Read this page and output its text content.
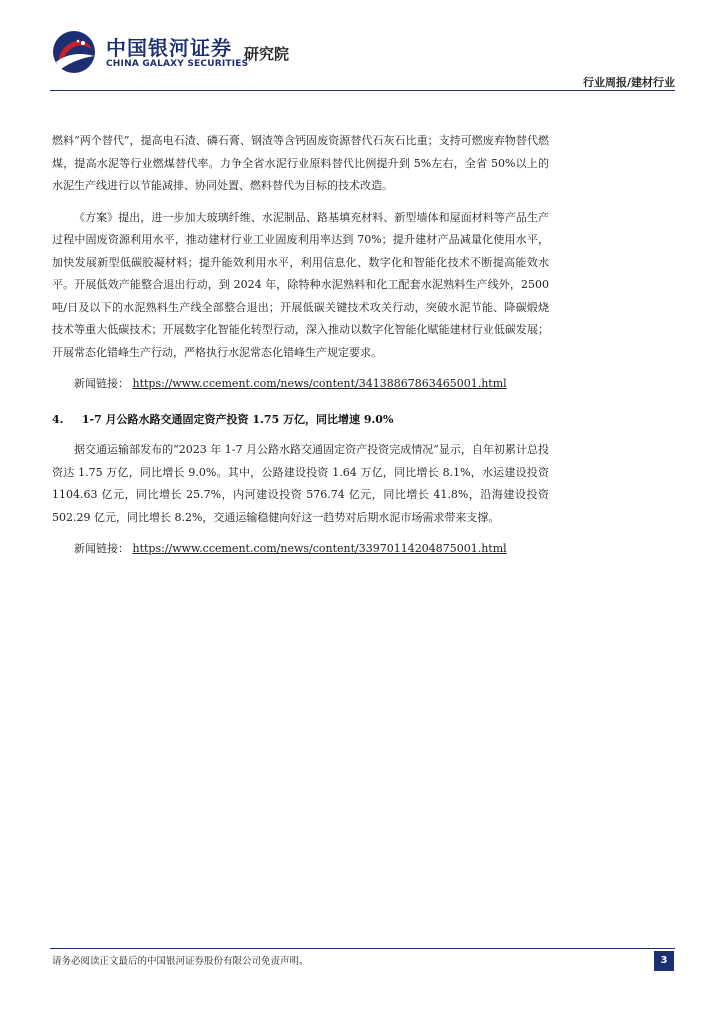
中国银河证券
CHINA GALAXY SECURITIES
研究院
行业周报/建材行业

燃料“两个替代”，提高电石渣、磷石膏、钢渣等含钙固废资源替代石灰石比重；支持可燃废弃物替代燃煤，提高水泥等行业燃煤替代率。力争全省水泥行业原料替代比例提升到 5%左右，全省 50%以上的水泥生产线进行以节能减排、协同处置、燃料替代为目标的技术改造。

《方案》提出，进一步加大玻璃纤维、水泥制品、路基填充材料、新型墙体和屋面材料等产品生产过程中固废资源利用水平，推动建材行业工业固废利用率达到 70%；提升建材产品减量化使用水平，加快发展新型低碳胶凝材料；提升能效利用水平，利用信息化、数字化和智能化技术不断提高能效水平。开展低效产能整合退出行动，到 2024 年，除特种水泥熟料和化工配套水泥熟料生产线外，2500 吨/日及以下的水泥熟料生产线全部整合退出；开展低碳关键技术攻关行动，突破水泥节能、降碳煅烧技术等重大低碳技术；开展数字化智能化转型行动，深入推动以数字化智能化赋能建材行业低碳发展；开展常态化错峰生产行动，严格执行水泥常态化错峰生产规定要求。

新闻链接： https://www.ccement.com/news/content/34138867863465001.html

4. 1-7 月公路水路交通固定资产投资 1.75 万亿，同比增速 9.0%

据交通运输部发布的“2023 年 1-7 月公路水路交通固定资产投资完成情况”显示，自年初累计总投资达 1.75 万亿，同比增长 9.0%。其中，公路建设投资 1.64 万亿，同比增长 8.1%，水运建设投资 1104.63 亿元，同比增长 25.7%，内河建设投资 576.74 亿元，同比增长 41.8%，沿海建设投资 502.29 亿元，同比增长 8.2%，交通运输稳健向好这一趋势对后期水泥市场需求带来支撑。

新闻链接： https://www.ccement.com/news/content/33970114204875001.html

请务必阅读正文最后的中国银河证券股份有限公司免责声明。	3
